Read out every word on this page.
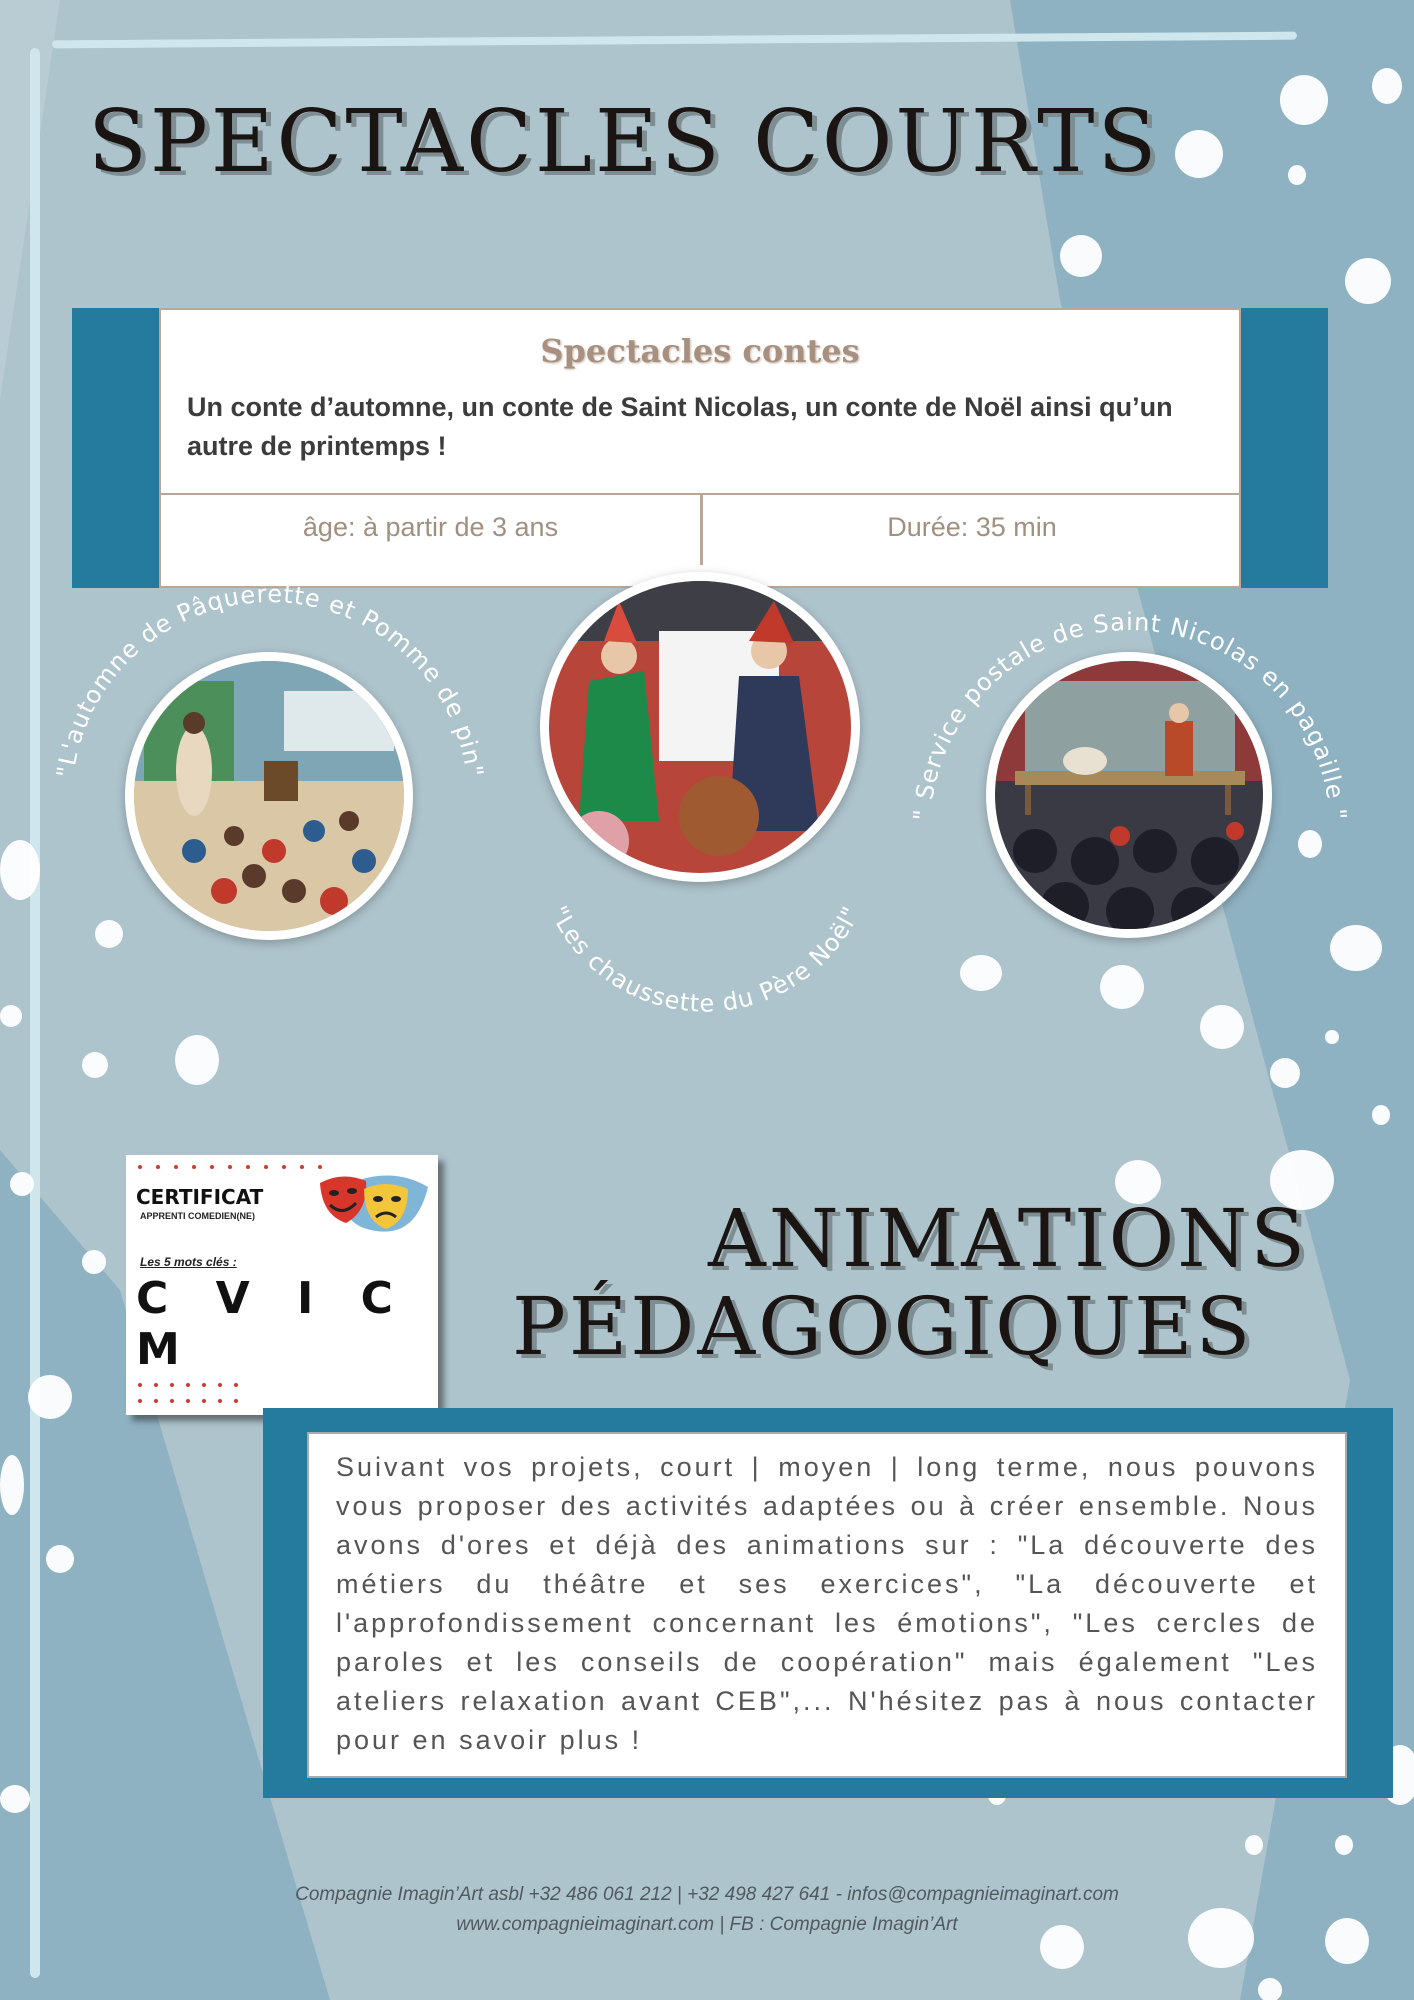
SPECTACLES COURTS
Spectacles contes

Un conte d’automne, un conte de Saint Nicolas, un conte de Noël ainsi qu’un autre de printemps !

âge: à partir de 3 ans	Durée: 35 min
"L'automne de Pâquerette et Pomme de pin"
"Les chaussette du Père Noël"
" Service postale de Saint Nicolas en pagaille "
CERTIFICAT
APPRENTI COMEDIEN(NE)
Les 5 mots clés :
C V I C M
ANIMATIONS
PÉDAGOGIQUES

Suivant vos projets, court | moyen | long terme, nous pouvons vous proposer des activités adaptées ou à créer ensemble. Nous avons d'ores et déjà des animations sur : "La découverte des métiers du théâtre et ses exercices", "La découverte et l'approfondissement concernant les émotions", "Les cercles de paroles et les conseils de coopération" mais également "Les ateliers relaxation avant CEB",... N'hésitez pas à nous contacter pour en savoir plus !

Compagnie Imagin’Art asbl +32 486 061 212 | +32 498 427 641 - infos@compagnieimaginart.com
www.compagnieimaginart.com | FB : Compagnie Imagin’Art
